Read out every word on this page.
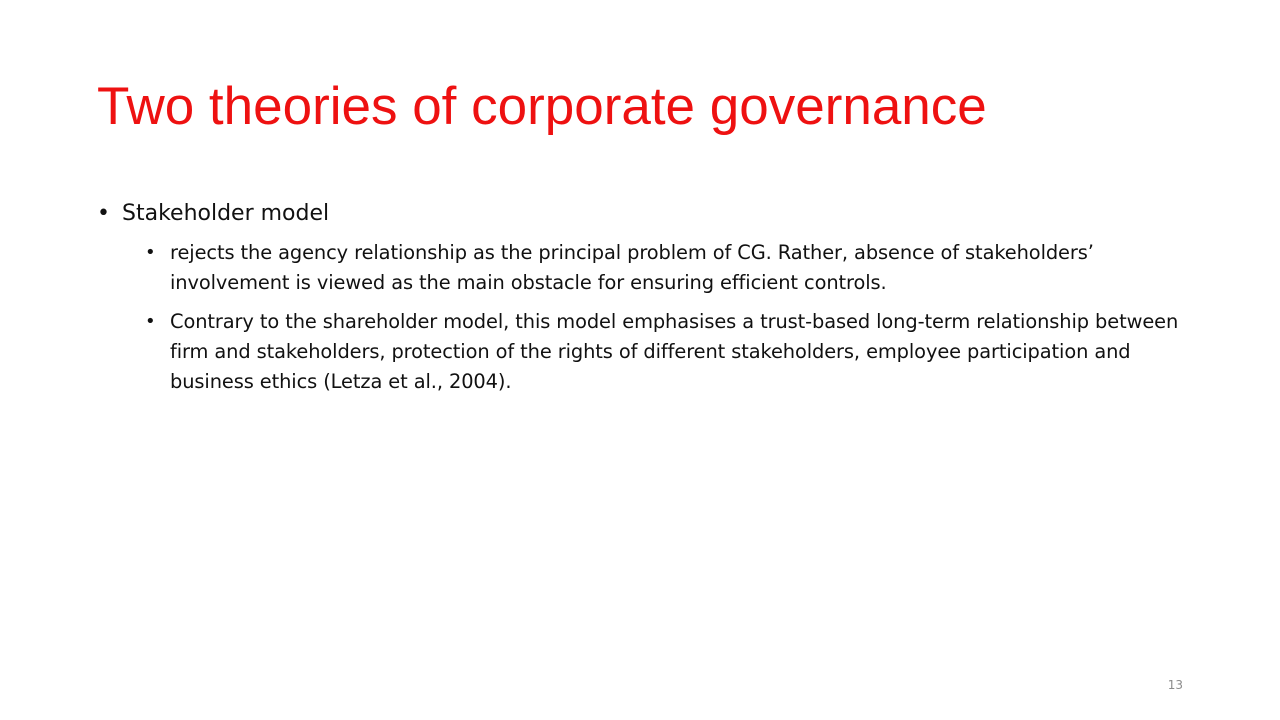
Two theories of corporate governance
• Stakeholder model
• rejects the agency relationship as the principal problem of CG. Rather, absence of stakeholders’ involvement is viewed as the main obstacle for ensuring efficient controls.
• Contrary to the shareholder model, this model emphasises a trust-based long-term relationship between firm and stakeholders, protection of the rights of different stakeholders, employee participation and business ethics (Letza et al., 2004).
13
